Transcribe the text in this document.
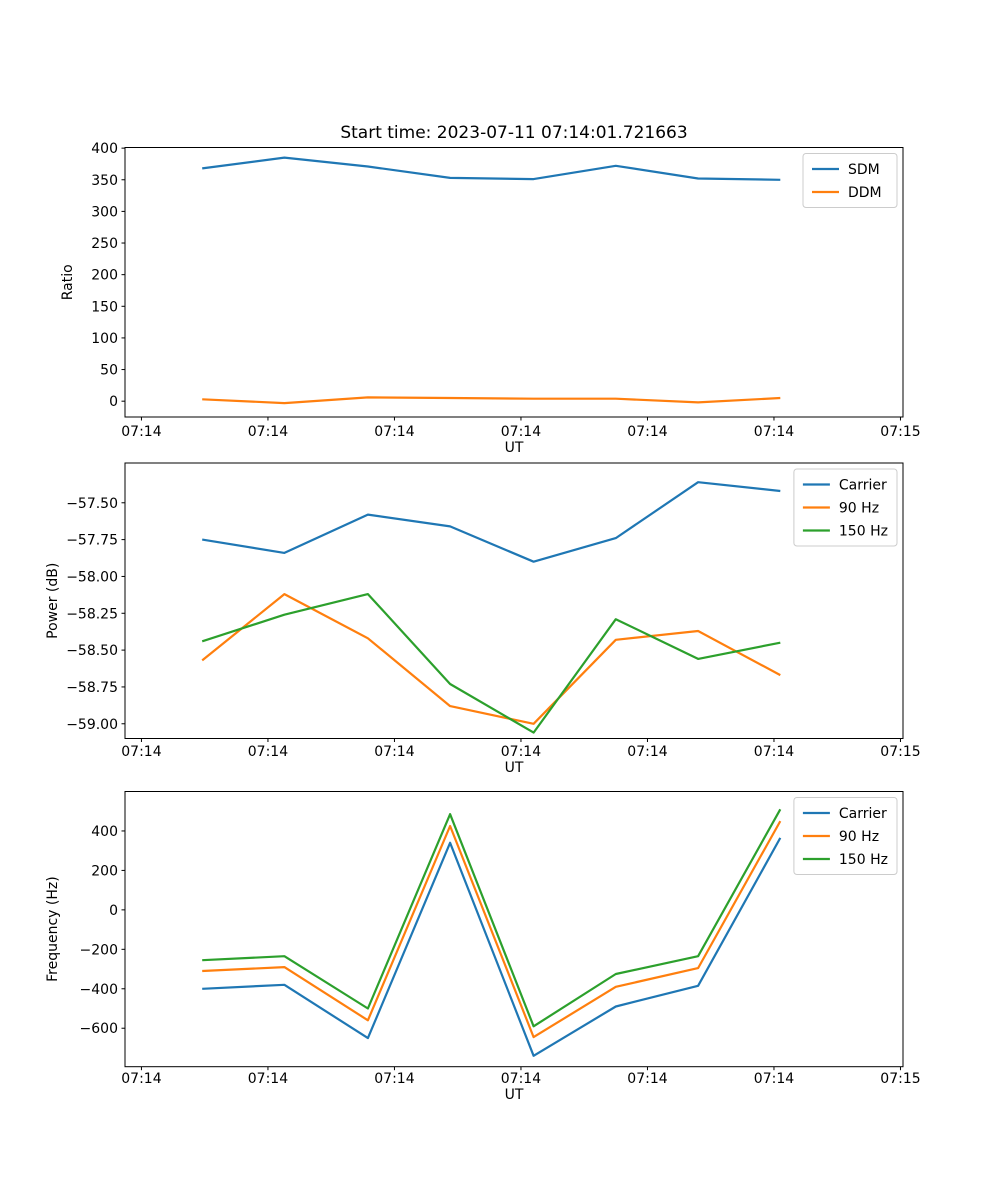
07:14	07:14	07:14	07:14	07:14	07:14	07:15
0
50
100
150
200
250
300
350
400
UT
Ratio
Start time: 2023-07-11 07:14:01.721663
SDM
DDM
07:14	07:14	07:14	07:14	07:14	07:14	07:15
−59.00
−58.75
−58.50
−58.25
−58.00
−57.75
−57.50
UT
Power (dB)
Carrier
90 Hz
150 Hz
07:14	07:14	07:14	07:14	07:14	07:14	07:15
−600
−400
−200
0
200
400
UT
Frequency (Hz)
Carrier
90 Hz
150 Hz
